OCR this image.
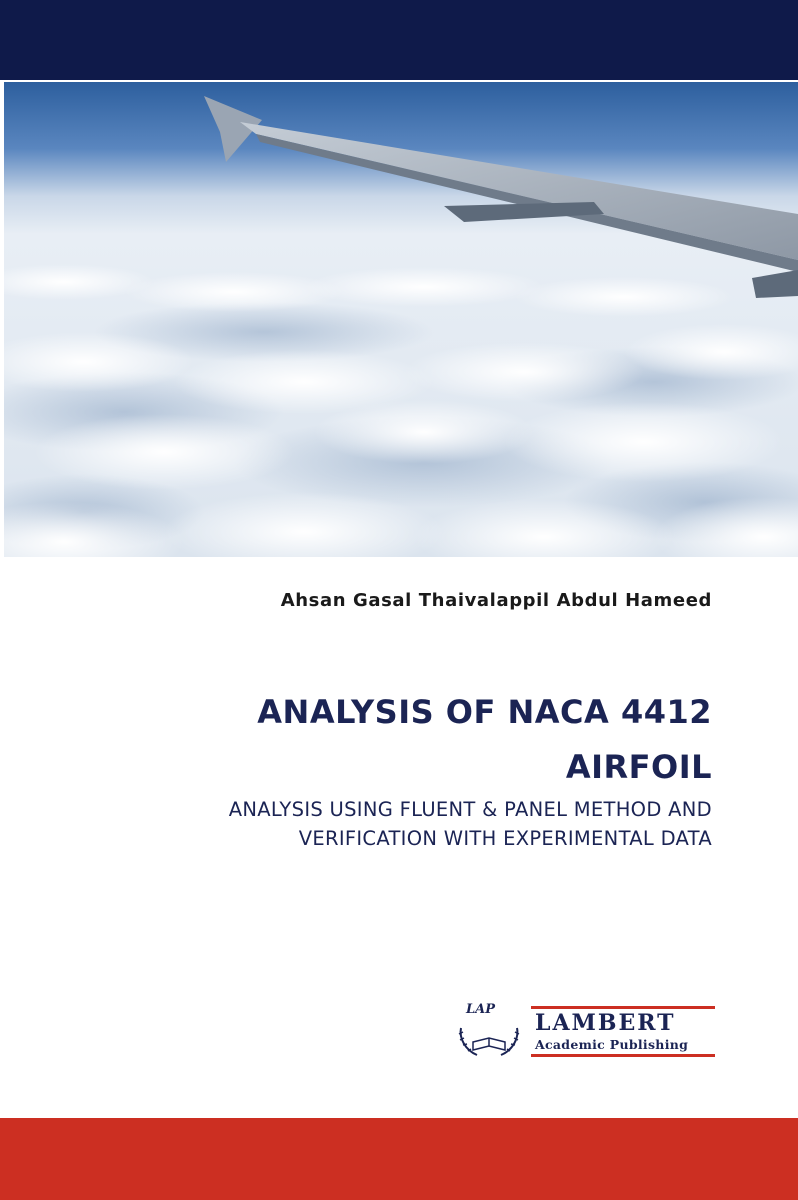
Ahsan Gasal Thaivalappil Abdul Hameed
ANALYSIS OF NACA 4412
AIRFOIL
ANALYSIS USING FLUENT & PANEL METHOD AND
VERIFICATION WITH EXPERIMENTAL DATA
LAP
LAMBERT
Academic Publishing
